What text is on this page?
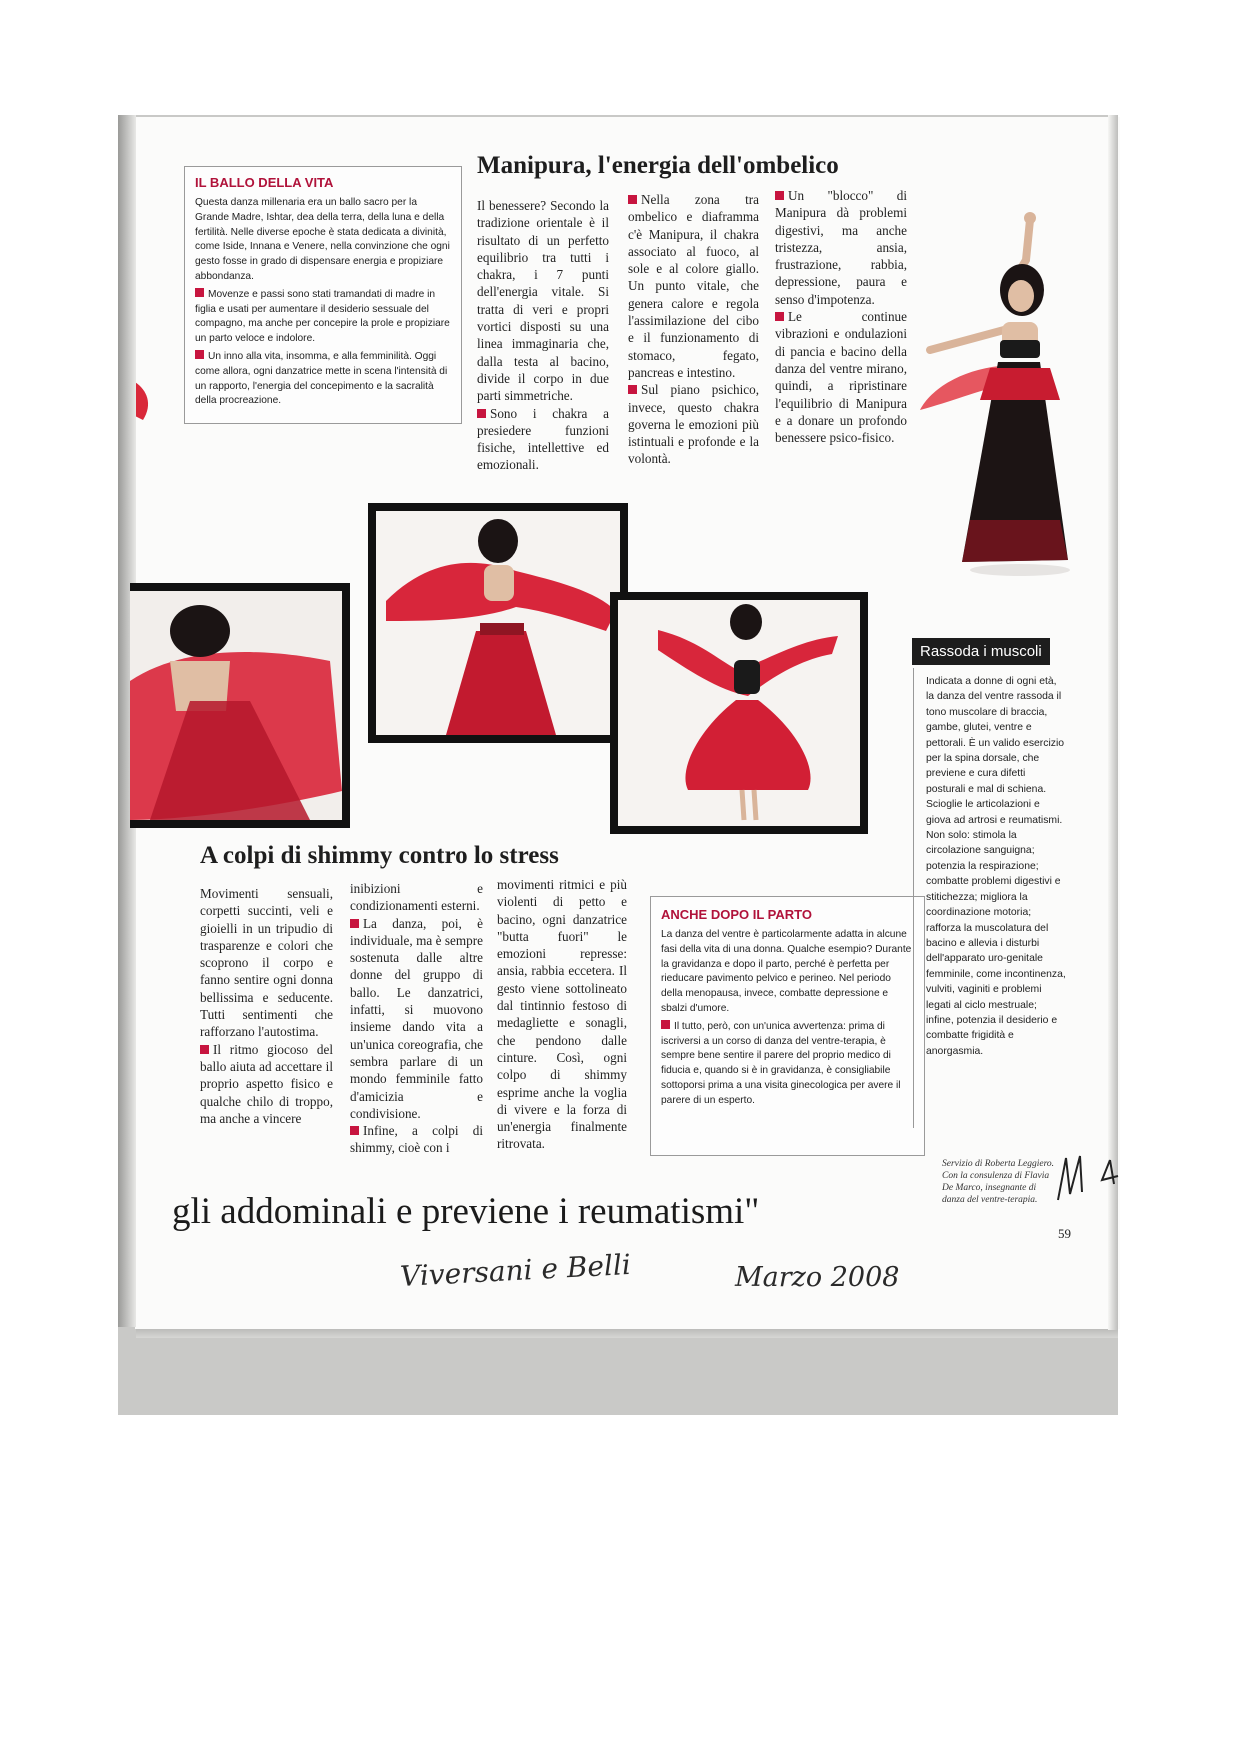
IL BALLO DELLA VITA

Questa danza millenaria era un ballo sacro per la Grande Madre, Ishtar, dea della terra, della luna e della fertilità. Nelle diverse epoche è stata dedicata a divinità, come Iside, Innana e Venere, nella convinzione che ogni gesto fosse in grado di dispensare energia e propiziare abbondanza.

Movenze e passi sono stati tramandati di madre in figlia e usati per aumentare il desiderio sessuale del compagno, ma anche per concepire la prole e propiziare un parto veloce e indolore.

Un inno alla vita, insomma, e alla femminilità. Oggi come allora, ogni danzatrice mette in scena l'intensità di un rapporto, l'energia del concepimento e la sacralità della procreazione.

Manipura, l'energia dell'ombelico

Il benessere? Secondo la tradizione orientale è il risultato di un perfetto equilibrio tra tutti i chakra, i 7 punti dell'energia vitale. Si tratta di veri e propri vortici disposti su una linea immaginaria che, dalla testa al bacino, divide il corpo in due parti simmetriche.

Sono i chakra a presiedere funzioni fisiche, intellettive ed emozionali.

Nella zona tra ombelico e diaframma c'è Manipura, il chakra associato al fuoco, al sole e al colore giallo. Un punto vitale, che genera calore e regola l'assimilazione del cibo e il funzionamento di stomaco, fegato, pancreas e intestino.

Sul piano psichico, invece, questo chakra governa le emozioni più istintuali e profonde e la volontà.

Un "blocco" di Manipura dà problemi digestivi, ma anche tristezza, ansia, frustrazione, rabbia, depressione, paura e senso d'impotenza.

Le continue vibrazioni e ondulazioni di pancia e bacino della danza del ventre mirano, quindi, a ripristinare l'equilibrio di Manipura e a donare un profondo benessere psico-fisico.

A colpi di shimmy contro lo stress

Movimenti sensuali, corpetti succinti, veli e gioielli in un tripudio di trasparenze e colori che scoprono il corpo e fanno sentire ogni donna bellissima e seducente. Tutti sentimenti che rafforzano l'autostima.

Il ritmo giocoso del ballo aiuta ad accettare il proprio aspetto fisico e qualche chilo di troppo, ma anche a vincere

inibizioni e condizionamenti esterni.

La danza, poi, è individuale, ma è sempre sostenuta dalle altre donne del gruppo di ballo. Le danzatrici, infatti, si muovono insieme dando vita a un'unica coreografia, che sembra parlare di un mondo femminile fatto d'amicizia e condivisione.

Infine, a colpi di shimmy, cioè con i

movimenti ritmici e più violenti di petto e bacino, ogni danzatrice "butta fuori" le emozioni represse: ansia, rabbia eccetera. Il gesto viene sottolineato dal tintinnio festoso di medagliette e sonagli, che pendono dalle cinture. Così, ogni colpo di shimmy esprime anche la voglia di vivere e la forza di un'energia finalmente ritrovata.

ANCHE DOPO IL PARTO

La danza del ventre è particolarmente adatta in alcune fasi della vita di una donna. Qualche esempio? Durante la gravidanza e dopo il parto, perché è perfetta per rieducare pavimento pelvico e perineo. Nel periodo della menopausa, invece, combatte depressione e sbalzi d'umore.

Il tutto, però, con un'unica avvertenza: prima di iscriversi a un corso di danza del ventre-terapia, è sempre bene sentire il parere del proprio medico di fiducia e, quando si è in gravidanza, è consigliabile sottoporsi prima a una visita ginecologica per avere il parere di un esperto.

Rassoda i muscoli

Indicata a donne di ogni età, la danza del ventre rassoda il tono muscolare di braccia, gambe, glutei, ventre e pettorali. È un valido esercizio per la spina dorsale, che previene e cura difetti posturali e mal di schiena. Scioglie le articolazioni e giova ad artrosi e reumatismi. Non solo: stimola la circolazione sanguigna; potenzia la respirazione; combatte problemi digestivi e stitichezza; migliora la coordinazione motoria; rafforza la muscolatura del bacino e allevia i disturbi dell'apparato uro-genitale femminile, come incontinenza, vulviti, vaginiti e problemi legati al ciclo mestruale; infine, potenzia il desiderio e combatte frigidità e anorgasmia.

gli addominali e previene i reumatismi"

Servizio di Roberta Leggiero. Con la consulenza di Flavia De Marco, insegnante di danza del ventre-terapia.

59

Viversani e Belli	Marzo 2008
